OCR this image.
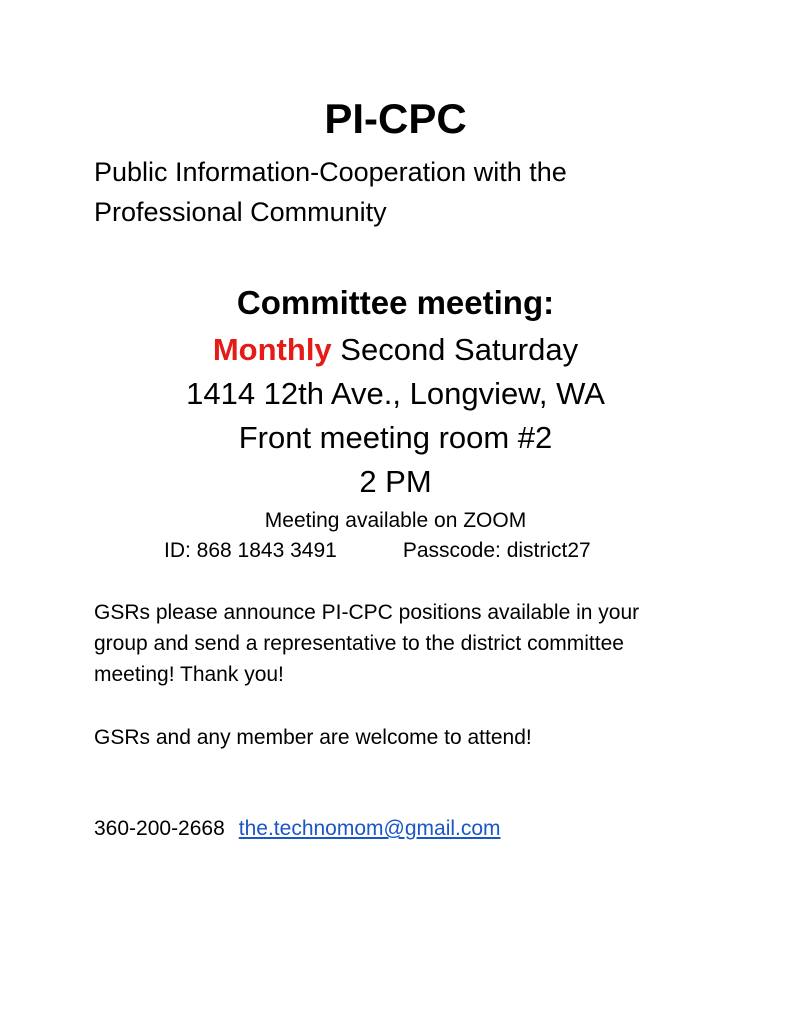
PI-CPC
Public Information-Cooperation with the
Professional Community
Committee meeting:
Monthly Second Saturday
1414 12th Ave., Longview, WA
Front meeting room #2
2 PM
Meeting available on ZOOM
ID: 868 1843 3491	Passcode: district27
GSRs please announce PI-CPC positions available in your
group and send a representative to the district committee
meeting! Thank you!
GSRs and any member are welcome to attend!
360-200-2668 the.technomom@gmail.com
